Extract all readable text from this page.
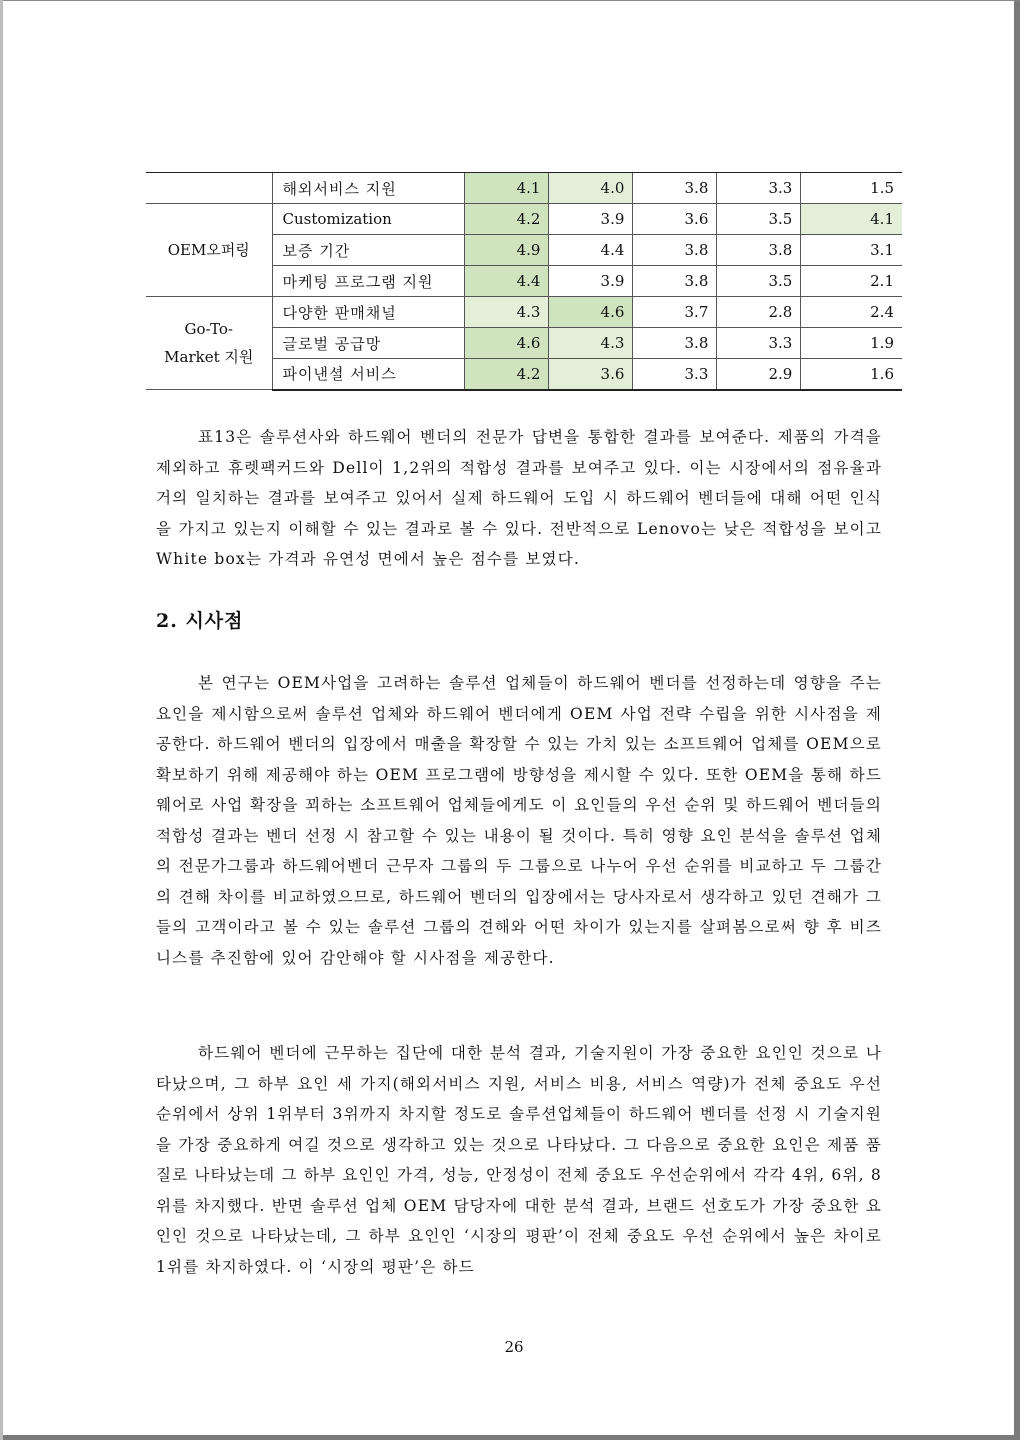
	해외서비스 지원	4.1	4.0	3.8	3.3	1.5
OEM오퍼링	Customization	4.2	3.9	3.6	3.5	4.1
	보증 기간	4.9	4.4	3.8	3.8	3.1
	마케팅 프로그램 지원	4.4	3.9	3.8	3.5	2.1
Go-To-Market 지원	다양한 판매채널	4.3	4.6	3.7	2.8	2.4
	글로벌 공급망	4.6	4.3	3.8	3.3	1.9
	파이낸셜 서비스	4.2	3.6	3.3	2.9	1.6

표13은 솔루션사와 하드웨어 벤더의 전문가 답변을 통합한 결과를 보여준다. 제품의 가격을 제외하고 휴렛팩커드와 Dell이 1,2위의 적합성 결과를 보여주고 있다. 이는 시장에서의 점유율과 거의 일치하는 결과를 보여주고 있어서 실제 하드웨어 도입 시 하드웨어 벤더들에 대해 어떤 인식을 가지고 있는지 이해할 수 있는 결과로 볼 수 있다. 전반적으로 Lenovo는 낮은 적합성을 보이고 White box는 가격과 유연성 면에서 높은 점수를 보였다.

2. 시사점

본 연구는 OEM사업을 고려하는 솔루션 업체들이 하드웨어 벤더를 선정하는데 영향을 주는 요인을 제시함으로써 솔루션 업체와 하드웨어 벤더에게 OEM 사업 전략 수립을 위한 시사점을 제공한다. 하드웨어 벤더의 입장에서 매출을 확장할 수 있는 가치 있는 소프트웨어 업체를 OEM으로 확보하기 위해 제공해야 하는 OEM 프로그램에 방향성을 제시할 수 있다. 또한 OEM을 통해 하드웨어로 사업 확장을 꾀하는 소프트웨어 업체들에게도 이 요인들의 우선 순위 및 하드웨어 벤더들의 적합성 결과는 벤더 선정 시 참고할 수 있는 내용이 될 것이다. 특히 영향 요인 분석을 솔루션 업체의 전문가그룹과 하드웨어벤더 근무자 그룹의 두 그룹으로 나누어 우선 순위를 비교하고 두 그룹간의 견해 차이를 비교하였으므로, 하드웨어 벤더의 입장에서는 당사자로서 생각하고 있던 견해가 그들의 고객이라고 볼 수 있는 솔루션 그룹의 견해와 어떤 차이가 있는지를 살펴봄으로써 향 후 비즈니스를 추진함에 있어 감안해야 할 시사점을 제공한다.

하드웨어 벤더에 근무하는 집단에 대한 분석 결과, 기술지원이 가장 중요한 요인인 것으로 나타났으며, 그 하부 요인 세 가지(해외서비스 지원, 서비스 비용, 서비스 역량)가 전체 중요도 우선순위에서 상위 1위부터 3위까지 차지할 정도로 솔루션업체들이 하드웨어 벤더를 선정 시 기술지원을 가장 중요하게 여길 것으로 생각하고 있는 것으로 나타났다. 그 다음으로 중요한 요인은 제품 품질로 나타났는데 그 하부 요인인 가격, 성능, 안정성이 전체 중요도 우선순위에서 각각 4위, 6위, 8위를 차지했다. 반면 솔루션 업체 OEM 담당자에 대한 분석 결과, 브랜드 선호도가 가장 중요한 요인인 것으로 나타났는데, 그 하부 요인인 ‘시장의 평판’이 전체 중요도 우선 순위에서 높은 차이로 1위를 차지하였다. 이 ‘시장의 평판’은 하드

26
